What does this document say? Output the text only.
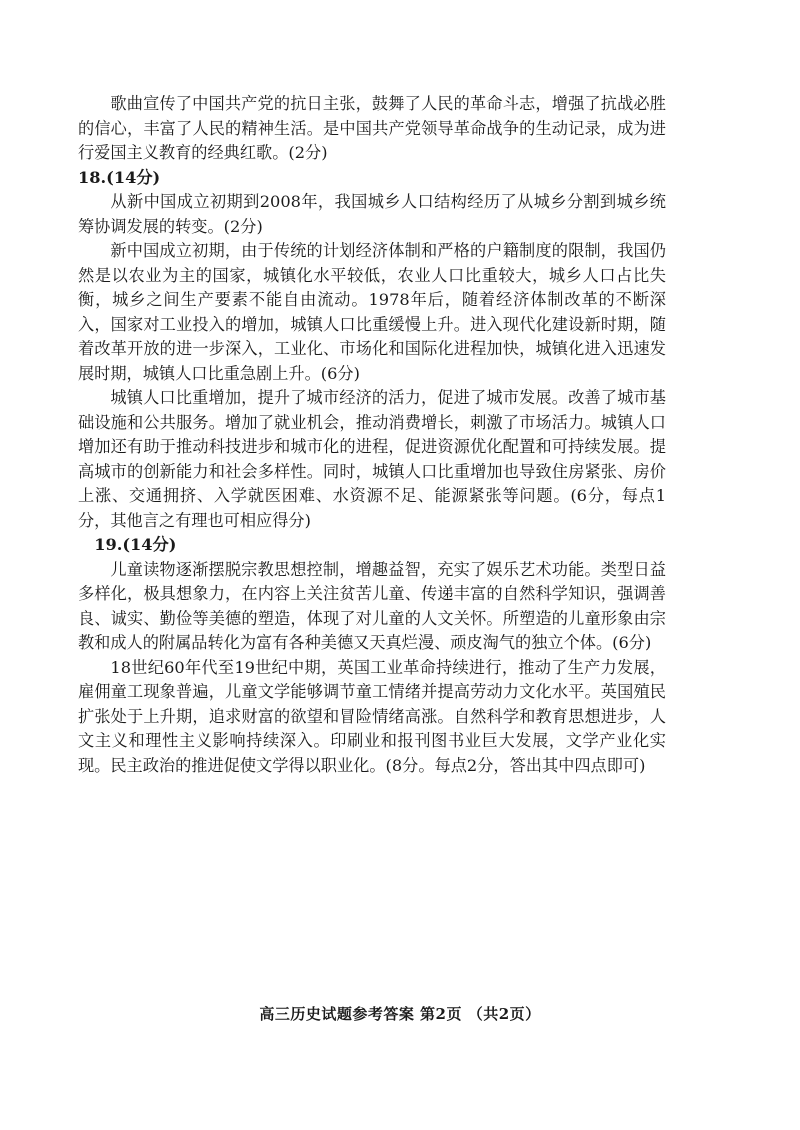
歌曲宣传了中国共产党的抗日主张，鼓舞了人民的革命斗志，增强了抗战必胜的信心，丰富了人民的精神生活。是中国共产党领导革命战争的生动记录，成为进行爱国主义教育的经典红歌。(2分)

18.(14分)

从新中国成立初期到2008年，我国城乡人口结构经历了从城乡分割到城乡统筹协调发展的转变。(2分)

新中国成立初期，由于传统的计划经济体制和严格的户籍制度的限制，我国仍然是以农业为主的国家，城镇化水平较低，农业人口比重较大，城乡人口占比失衡，城乡之间生产要素不能自由流动。1978年后，随着经济体制改革的不断深入，国家对工业投入的增加，城镇人口比重缓慢上升。进入现代化建设新时期，随着改革开放的进一步深入，工业化、市场化和国际化进程加快，城镇化进入迅速发展时期，城镇人口比重急剧上升。(6分)

城镇人口比重增加，提升了城市经济的活力，促进了城市发展。改善了城市基础设施和公共服务。增加了就业机会，推动消费增长，刺激了市场活力。城镇人口增加还有助于推动科技进步和城市化的进程，促进资源优化配置和可持续发展。提高城市的创新能力和社会多样性。同时，城镇人口比重增加也导致住房紧张、房价上涨、交通拥挤、入学就医困难、水资源不足、能源紧张等问题。(6分，每点1分，其他言之有理也可相应得分)

19.(14分)

儿童读物逐渐摆脱宗教思想控制，增趣益智，充实了娱乐艺术功能。类型日益多样化，极具想象力，在内容上关注贫苦儿童、传递丰富的自然科学知识，强调善良、诚实、勤俭等美德的塑造，体现了对儿童的人文关怀。所塑造的儿童形象由宗教和成人的附属品转化为富有各种美德又天真烂漫、顽皮淘气的独立个体。(6分)

18世纪60年代至19世纪中期，英国工业革命持续进行，推动了生产力发展，雇佣童工现象普遍，儿童文学能够调节童工情绪并提高劳动力文化水平。英国殖民扩张处于上升期，追求财富的欲望和冒险情绪高涨。自然科学和教育思想进步，人文主义和理性主义影响持续深入。印刷业和报刊图书业巨大发展，文学产业化实现。民主政治的推进促使文学得以职业化。(8分。每点2分，答出其中四点即可)

高三历史试题参考答案 第2页 （共2页）
